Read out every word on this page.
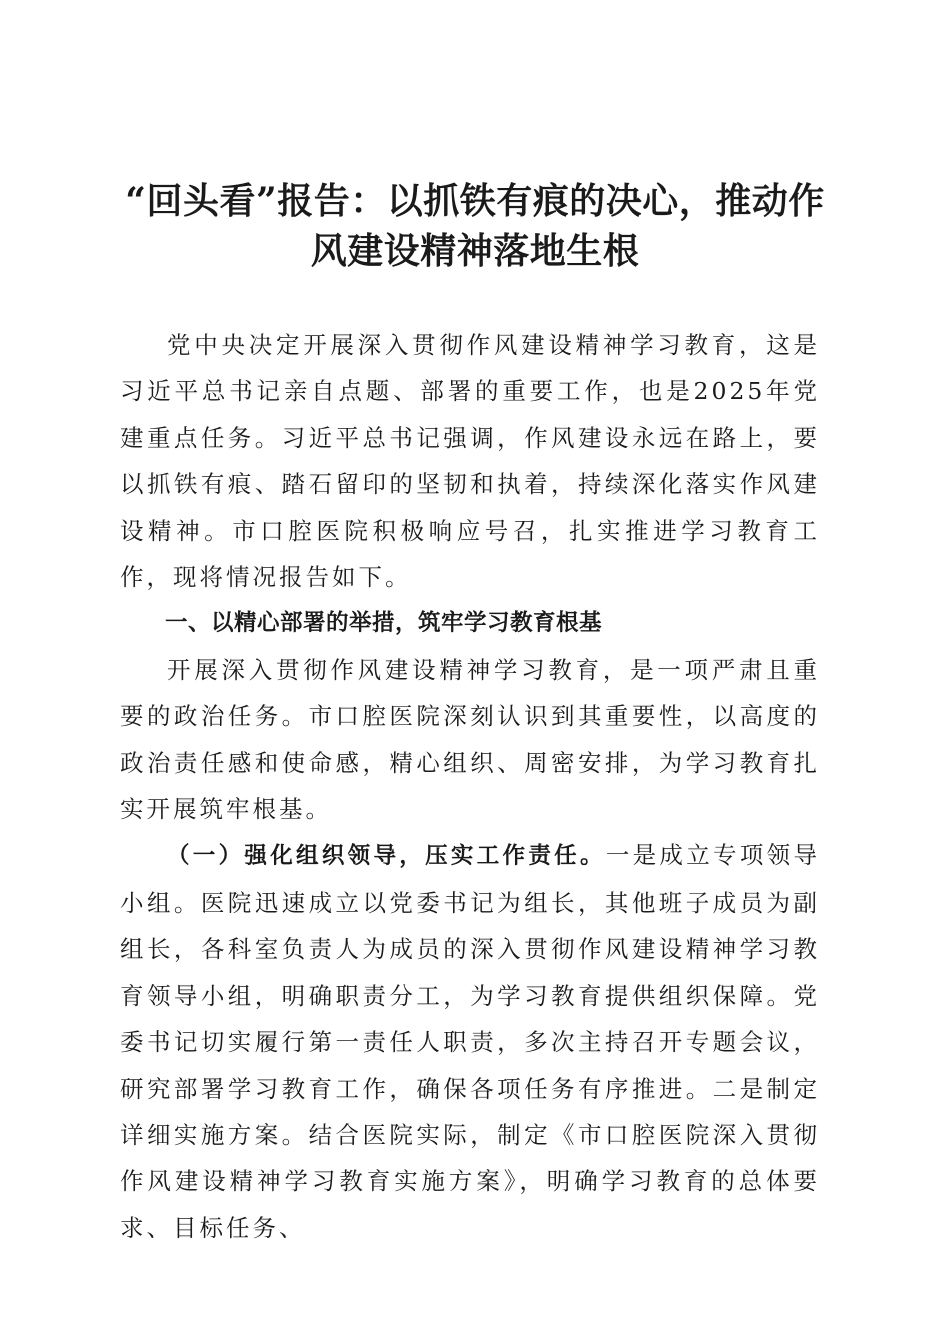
“回头看”报告：以抓铁有痕的决心，推动作风建设精神落地生根

党中央决定开展深入贯彻作风建设精神学习教育，这是习近平总书记亲自点题、部署的重要工作，也是2025年党建重点任务。习近平总书记强调，作风建设永远在路上，要以抓铁有痕、踏石留印的坚韧和执着，持续深化落实作风建设精神。市口腔医院积极响应号召，扎实推进学习教育工作，现将情况报告如下。

一、以精心部署的举措，筑牢学习教育根基

开展深入贯彻作风建设精神学习教育，是一项严肃且重要的政治任务。市口腔医院深刻认识到其重要性，以高度的政治责任感和使命感，精心组织、周密安排，为学习教育扎实开展筑牢根基。

（一）强化组织领导，压实工作责任。一是成立专项领导小组。医院迅速成立以党委书记为组长，其他班子成员为副组长，各科室负责人为成员的深入贯彻作风建设精神学习教育领导小组，明确职责分工，为学习教育提供组织保障。党委书记切实履行第一责任人职责，多次主持召开专题会议，研究部署学习教育工作，确保各项任务有序推进。二是制定详细实施方案。结合医院实际，制定《市口腔医院深入贯彻作风建设精神学习教育实施方案》，明确学习教育的总体要求、目标任务、
